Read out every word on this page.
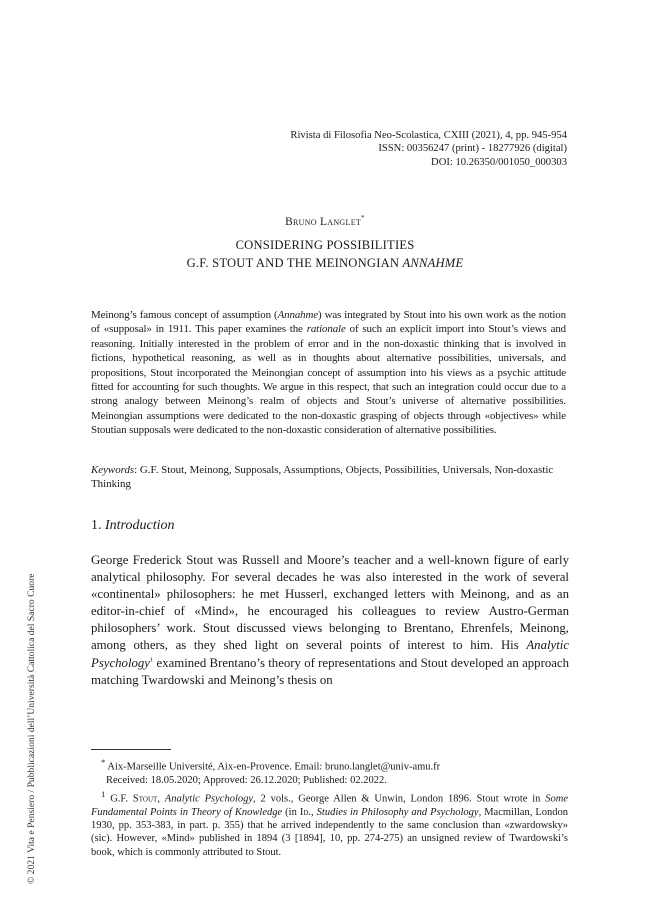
© 2021 Vita e Pensiero / Pubblicazioni dell’Università Cattolica del Sacro Cuore
Rivista di Filosofia Neo-Scolastica, CXIII (2021), 4, pp. 945-954
ISSN: 00356247 (print) - 18277926 (digital)
DOI: 10.26350/001050_000303
Bruno Langlet*
CONSIDERING POSSIBILITIES
G.F. STOUT AND THE MEINONGIAN ANNAHME
Meinong’s famous concept of assumption (Annahme) was integrated by Stout into his own work as the notion of «supposal» in 1911. This paper examines the rationale of such an explicit import into Stout’s views and reasoning. Initially interested in the problem of error and in the non-doxastic thinking that is involved in fictions, hypothetical reasoning, as well as in thoughts about alternative possibilities, universals, and propositions, Stout incorporated the Meinongian concept of assumption into his views as a psychic attitude fitted for accounting for such thoughts. We argue in this respect, that such an integration could occur due to a strong analogy between Meinong’s realm of objects and Stout’s universe of alternative possibilities. Meinongian assumptions were dedicated to the non-doxastic grasping of objects through «objectives» while Stoutian supposals were dedicated to the non-doxastic consideration of alternative possibilities.
Keywords: G.F. Stout, Meinong, Supposals, Assumptions, Objects, Possibilities, Universals, Non-doxastic Thinking
1. Introduction
George Frederick Stout was Russell and Moore’s teacher and a well-known figure of early analytical philosophy. For several decades he was also interested in the work of several «continental» philosophers: he met Husserl, exchanged letters with Meinong, and as an editor-in-chief of «Mind», he encouraged his colleagues to review Austro-German philosophers’ work. Stout discussed views belonging to Brentano, Ehrenfels, Meinong, among others, as they shed light on several points of interest to him. His Analytic Psychology$^1$ examined Brentano’s theory of representations and Stout developed an approach matching Twardowski and Meinong’s thesis on
* Aix-Marseille Université, Aix-en-Provence. Email: bruno.langlet@univ-amu.fr
Received: 18.05.2020; Approved: 26.12.2020; Published: 02.2022.
$^1$ G.F. Stout, Analytic Psychology, 2 vols., George Allen & Unwin, London 1896. Stout wrote in Some Fundamental Points in Theory of Knowledge (in Id., Studies in Philosophy and Psychology, Macmillan, London 1930, pp. 353-383, in part. p. 355) that he arrived independently to the same conclusion than «zwardowsky» (sic). However, «Mind» published in 1894 (3 [1894], 10, pp. 274-275) an unsigned review of Twardowski’s book, which is commonly attributed to Stout.
